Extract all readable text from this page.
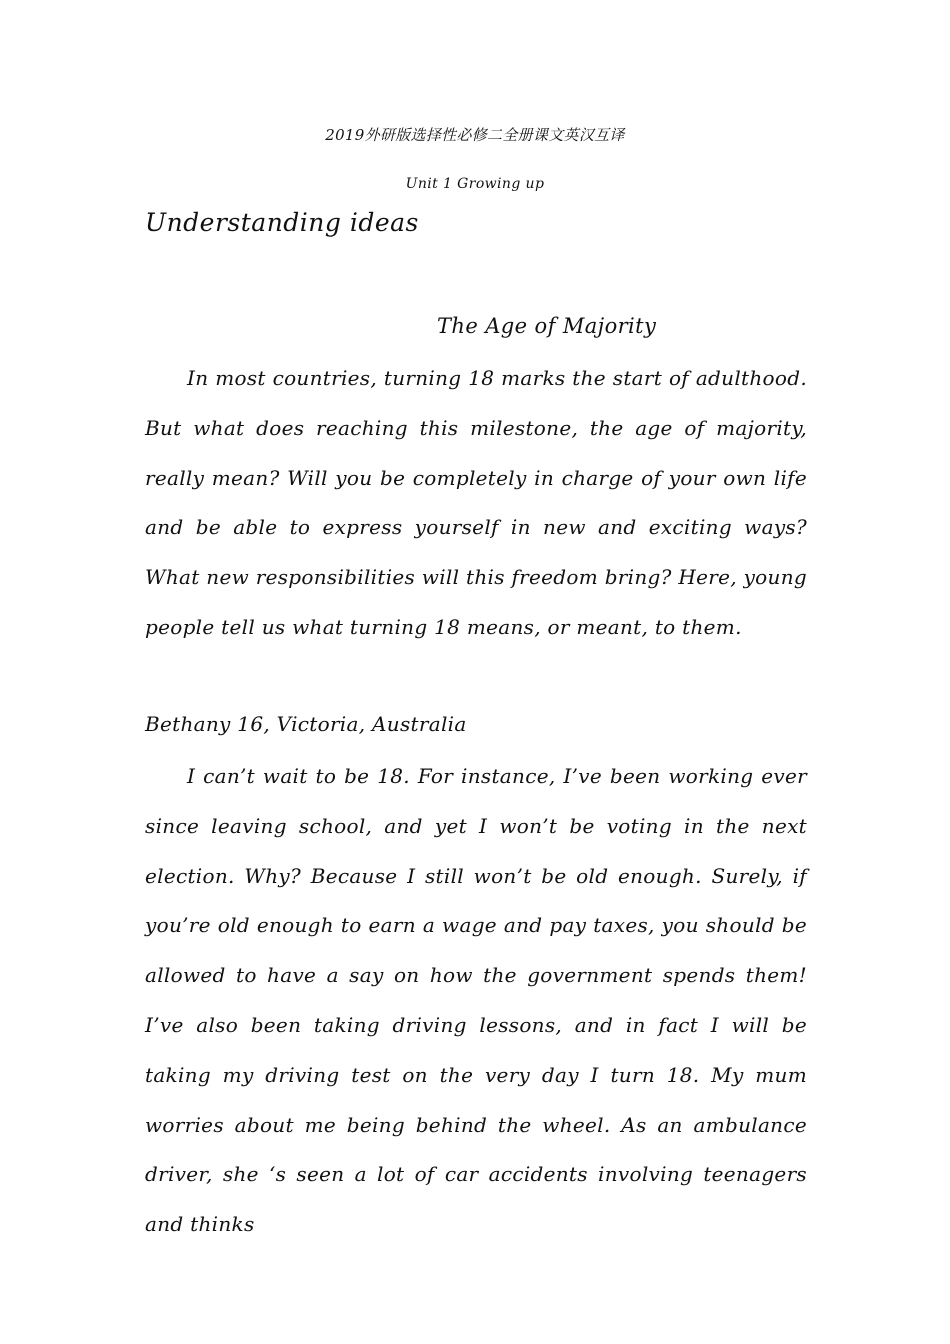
2019外研版选择性必修二全册课文英汉互译
Unit 1 Growing up
Understanding ideas
The Age of Majority

In most countries, turning 18 marks the start of adulthood. But what does reaching this milestone, the age of majority, really mean? Will you be completely in charge of your own life and be able to express yourself in new and exciting ways? What new responsibilities will this freedom bring? Here, young people tell us what turning 18 means, or meant, to them.

Bethany 16, Victoria, Australia

I can’t wait to be 18. For instance, I’ve been working ever since leaving school, and yet I won’t be voting in the next election. Why? Because I still won’t be old enough. Surely, if you’re old enough to earn a wage and pay taxes, you should be allowed to have a say on how the government spends them! I’ve also been taking driving lessons, and in fact I will be taking my driving test on the very day I turn 18. My mum worries about me being behind the wheel. As an ambulance driver, she ‘s seen a lot of car accidents involving teenagers and thinks
